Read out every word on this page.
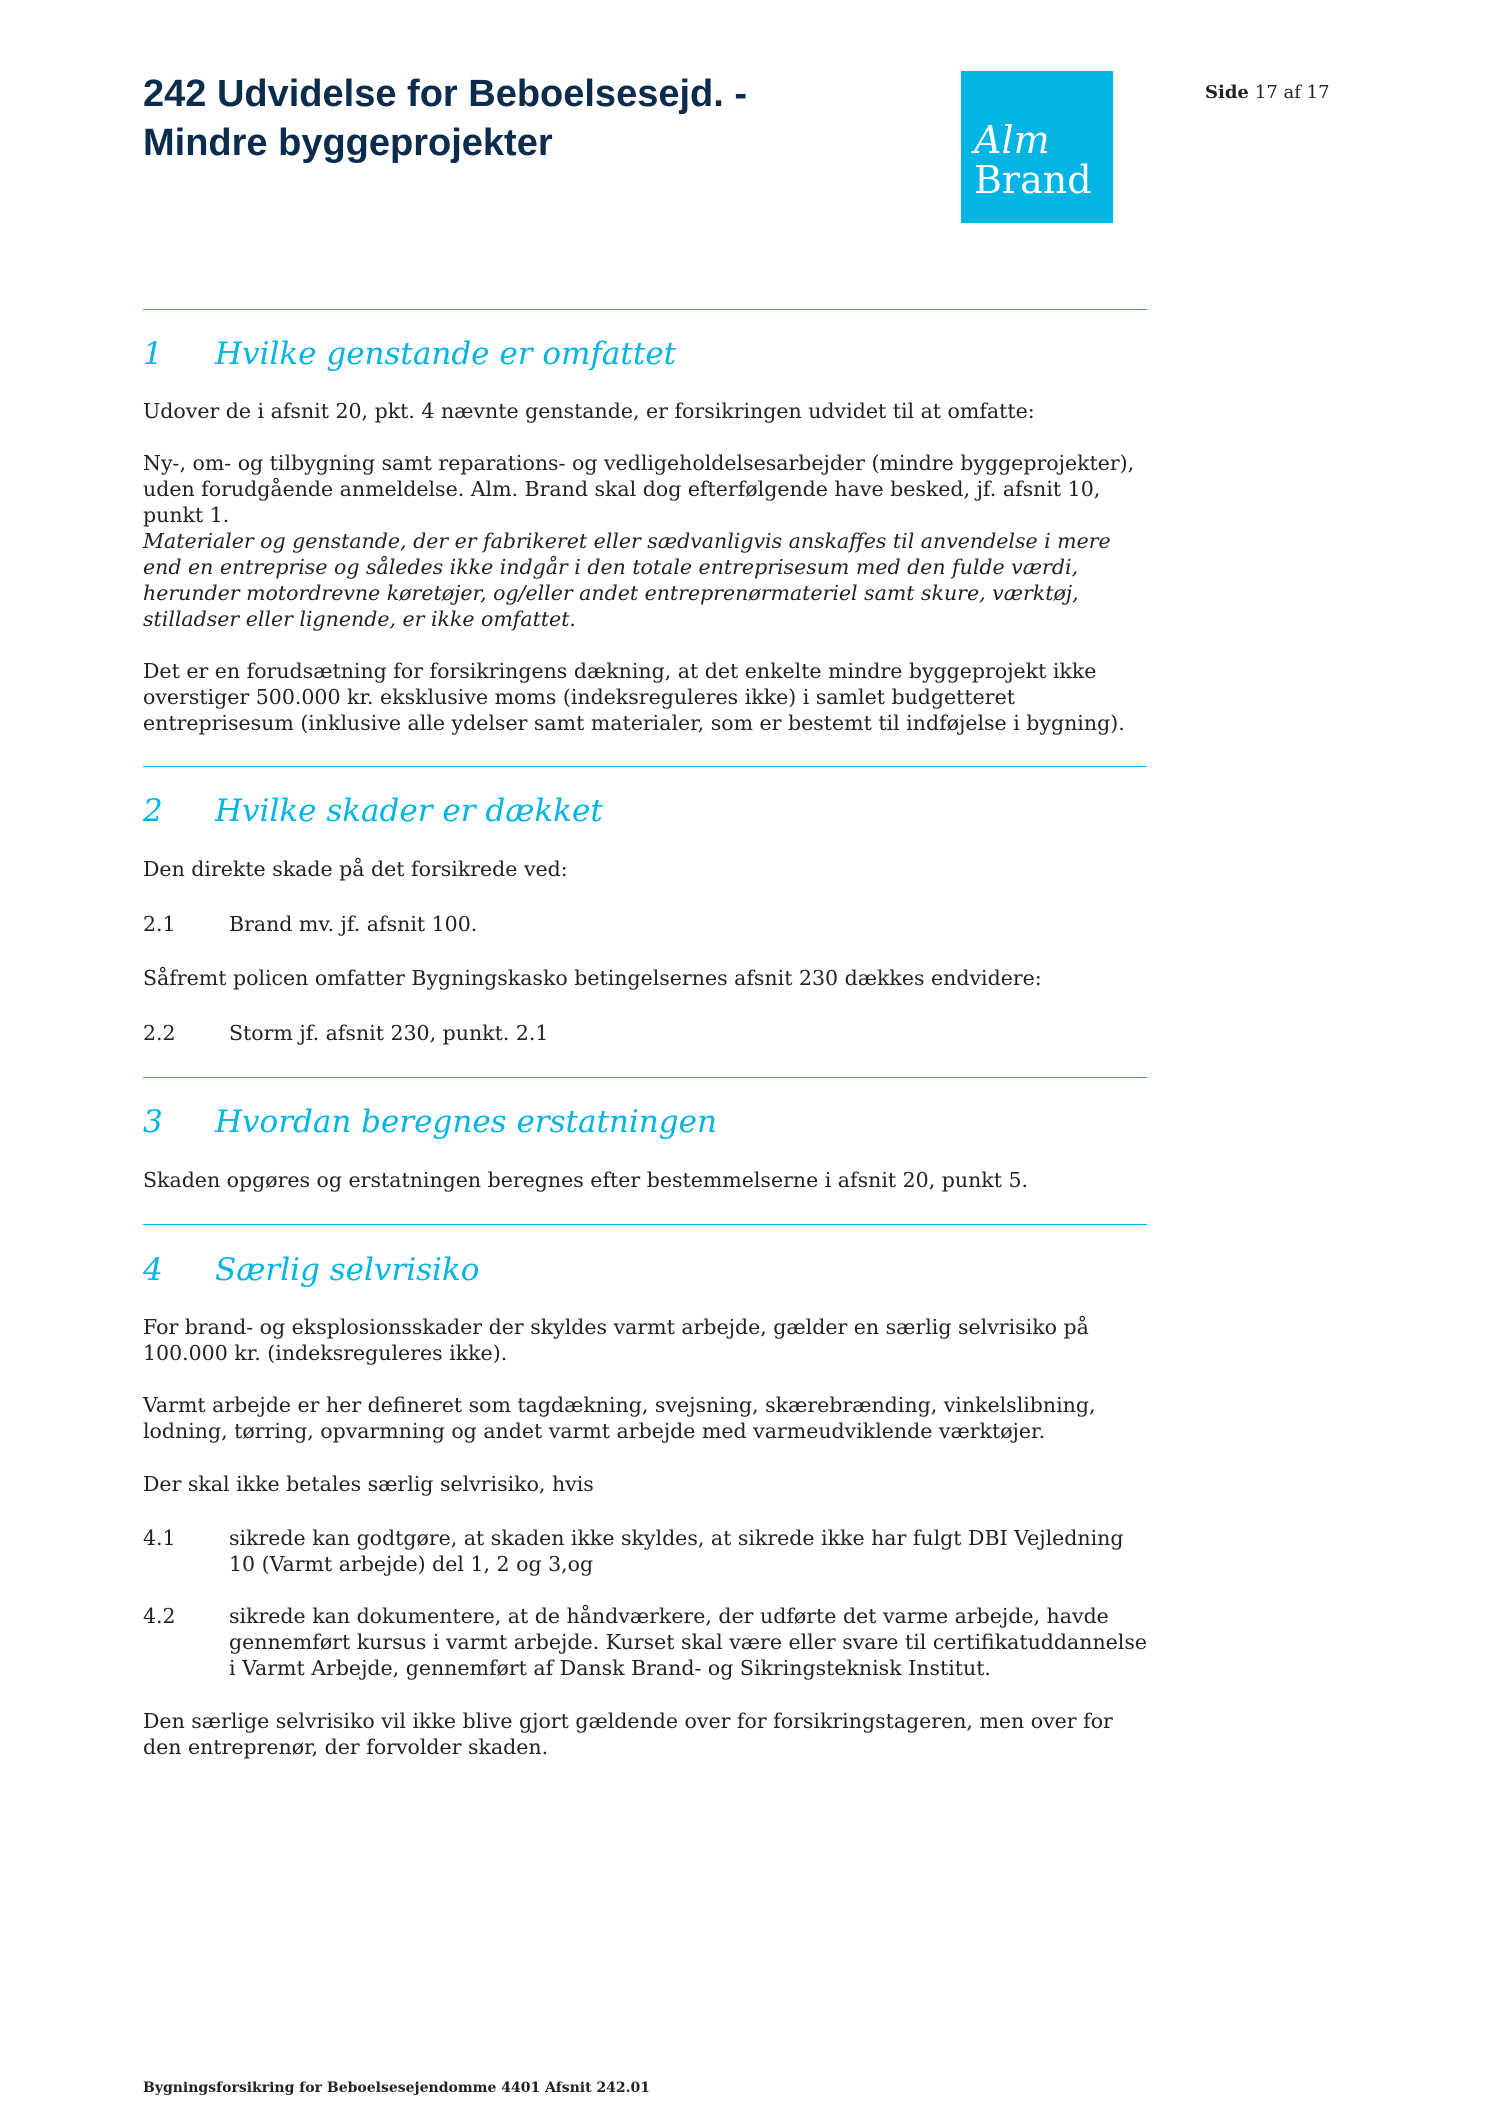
242 Udvidelse for Beboelsesejd. -
Mindre byggeprojekter	Alm
Brand
Side 17 af 17
1 Hvilke genstande er omfattet

Udover de i afsnit 20, pkt. 4 nævnte genstande, er forsikringen udvidet til at omfatte:

Ny-, om- og tilbygning samt reparations- og vedligeholdelsesarbejder (mindre byggeprojekter), uden forudgående anmeldelse. Alm. Brand skal dog efterfølgende have besked, jf. afsnit 10, punkt 1.

Materialer og genstande, der er fabrikeret eller sædvanligvis anskaffes til anvendelse i mere end en entreprise og således ikke indgår i den totale entreprisesum med den fulde værdi, herunder motordrevne køretøjer, og/eller andet entreprenørmateriel samt skure, værktøj, stilladser eller lignende, er ikke omfattet.

Det er en forudsætning for forsikringens dækning, at det enkelte mindre byggeprojekt ikke overstiger 500.000 kr. eksklusive moms (indeksreguleres ikke) i samlet budgetteret entreprisesum (inklusive alle ydelser samt materialer, som er bestemt til indføjelse i bygning).

2 Hvilke skader er dækket

Den direkte skade på det forsikrede ved:

2.1	Brand mv. jf. afsnit 100.

Såfremt policen omfatter Bygningskasko betingelsernes afsnit 230 dækkes endvidere:

2.2	Storm jf. afsnit 230, punkt. 2.1
3 Hvordan beregnes erstatningen

Skaden opgøres og erstatningen beregnes efter bestemmelserne i afsnit 20, punkt 5.

4 Særlig selvrisiko

For brand- og eksplosionsskader der skyldes varmt arbejde, gælder en særlig selvrisiko på 100.000 kr. (indeksreguleres ikke).

Varmt arbejde er her defineret som tagdækning, svejsning, skærebrænding, vinkelslibning, lodning, tørring, opvarmning og andet varmt arbejde med varmeudviklende værktøjer.

Der skal ikke betales særlig selvrisiko, hvis

4.1	sikrede kan godtgøre, at skaden ikke skyldes, at sikrede ikke har fulgt DBI Vejledning 10 (Varmt arbejde) del 1, 2 og 3,og
4.2	sikrede kan dokumentere, at de håndværkere, der udførte det varme arbejde, havde gennemført kursus i varmt arbejde. Kurset skal være eller svare til certifikatuddannelse i Varmt Arbejde, gennemført af Dansk Brand- og Sikringsteknisk Institut.

Den særlige selvrisiko vil ikke blive gjort gældende over for forsikringstageren, men over for den entreprenør, der forvolder skaden.

Bygningsforsikring for Beboelsesejendomme 4401 Afsnit 242.01
